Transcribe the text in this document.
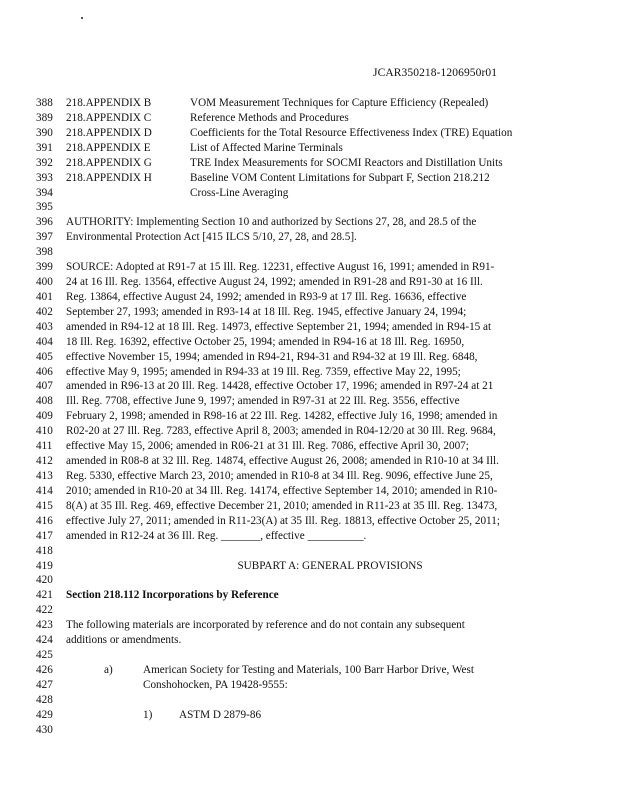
JCAR350218-1206950r01
388	218.APPENDIX B	VOM Measurement Techniques for Capture Efficiency (Repealed)
389	218.APPENDIX C	Reference Methods and Procedures
390	218.APPENDIX D	Coefficients for the Total Resource Effectiveness Index (TRE) Equation
391	218.APPENDIX E	List of Affected Marine Terminals
392	218.APPENDIX G	TRE Index Measurements for SOCMI Reactors and Distillation Units
393	218.APPENDIX H	Baseline VOM Content Limitations for Subpart F, Section 218.212
394	Cross-Line Averaging
395
396	AUTHORITY: Implementing Section 10 and authorized by Sections 27, 28, and 28.5 of the
397	Environmental Protection Act [415 ILCS 5/10, 27, 28, and 28.5].
398
399	SOURCE: Adopted at R91-7 at 15 Ill. Reg. 12231, effective August 16, 1991; amended in R91-
400	24 at 16 Ill. Reg. 13564, effective August 24, 1992; amended in R91-28 and R91-30 at 16 Ill.
401	Reg. 13864, effective August 24, 1992; amended in R93-9 at 17 Ill. Reg. 16636, effective
402	September 27, 1993; amended in R93-14 at 18 Ill. Reg. 1945, effective January 24, 1994;
403	amended in R94-12 at 18 Ill. Reg. 14973, effective September 21, 1994; amended in R94-15 at
404	18 Ill. Reg. 16392, effective October 25, 1994; amended in R94-16 at 18 Ill. Reg. 16950,
405	effective November 15, 1994; amended in R94-21, R94-31 and R94-32 at 19 Ill. Reg. 6848,
406	effective May 9, 1995; amended in R94-33 at 19 Ill. Reg. 7359, effective May 22, 1995;
407	amended in R96-13 at 20 Ill. Reg. 14428, effective October 17, 1996; amended in R97-24 at 21
408	Ill. Reg. 7708, effective June 9, 1997; amended in R97-31 at 22 Ill. Reg. 3556, effective
409	February 2, 1998; amended in R98-16 at 22 Ill. Reg. 14282, effective July 16, 1998; amended in
410	R02-20 at 27 Ill. Reg. 7283, effective April 8, 2003; amended in R04-12/20 at 30 Ill. Reg. 9684,
411	effective May 15, 2006; amended in R06-21 at 31 Ill. Reg. 7086, effective April 30, 2007;
412	amended in R08-8 at 32 Ill. Reg. 14874, effective August 26, 2008; amended in R10-10 at 34 Ill.
413	Reg. 5330, effective March 23, 2010; amended in R10-8 at 34 Ill. Reg. 9096, effective June 25,
414	2010; amended in R10-20 at 34 Ill. Reg. 14174, effective September 14, 2010; amended in R10-
415	8(A) at 35 Ill. Reg. 469, effective December 21, 2010; amended in R11-23 at 35 Ill. Reg. 13473,
416	effective July 27, 2011; amended in R11-23(A) at 35 Ill. Reg. 18813, effective October 25, 2011;
417	amended in R12-24 at 36 Ill. Reg. _______, effective __________.
418
419	SUBPART A: GENERAL PROVISIONS
420
421	Section 218.112 Incorporations by Reference
422
423	The following materials are incorporated by reference and do not contain any subsequent
424	additions or amendments.
425
426	a)	American Society for Testing and Materials, 100 Barr Harbor Drive, West
427	Conshohocken, PA 19428-9555:
428
429	1) ASTM D 2879-86
430
